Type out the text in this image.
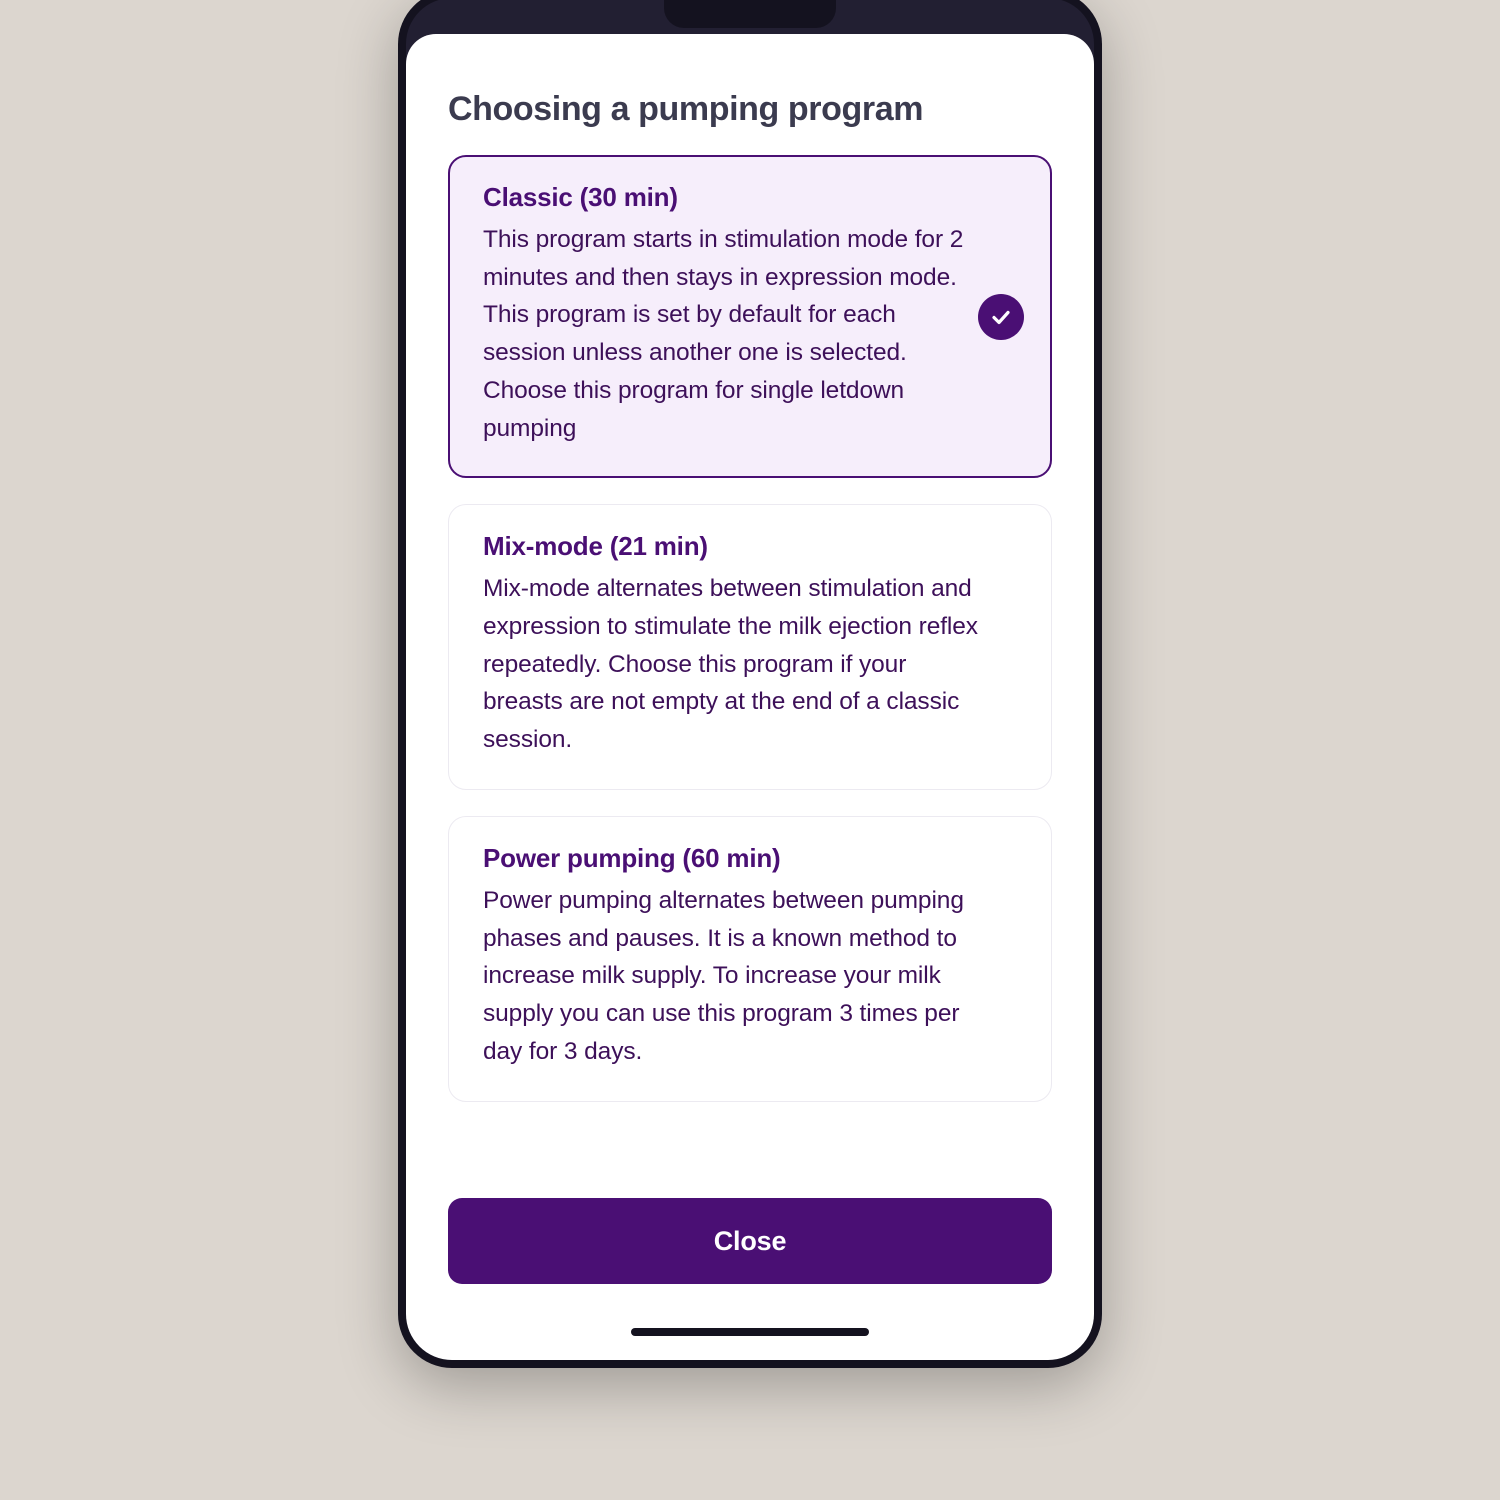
Choosing a pumping program
Classic (30 min)
This program starts in stimulation mode for 2 minutes and then stays in expression mode. This program is set by default for each session unless another one is selected. Choose this program for single letdown pumping
Mix-mode (21 min)
Mix-mode alternates between stimulation and expression to stimulate the milk ejection reflex repeatedly. Choose this program if your breasts are not empty at the end of a classic session.
Power pumping (60 min)
Power pumping alternates between pumping phases and pauses. It is a known method to increase milk supply. To increase your milk supply you can use this program 3 times per day for 3 days.
Close
